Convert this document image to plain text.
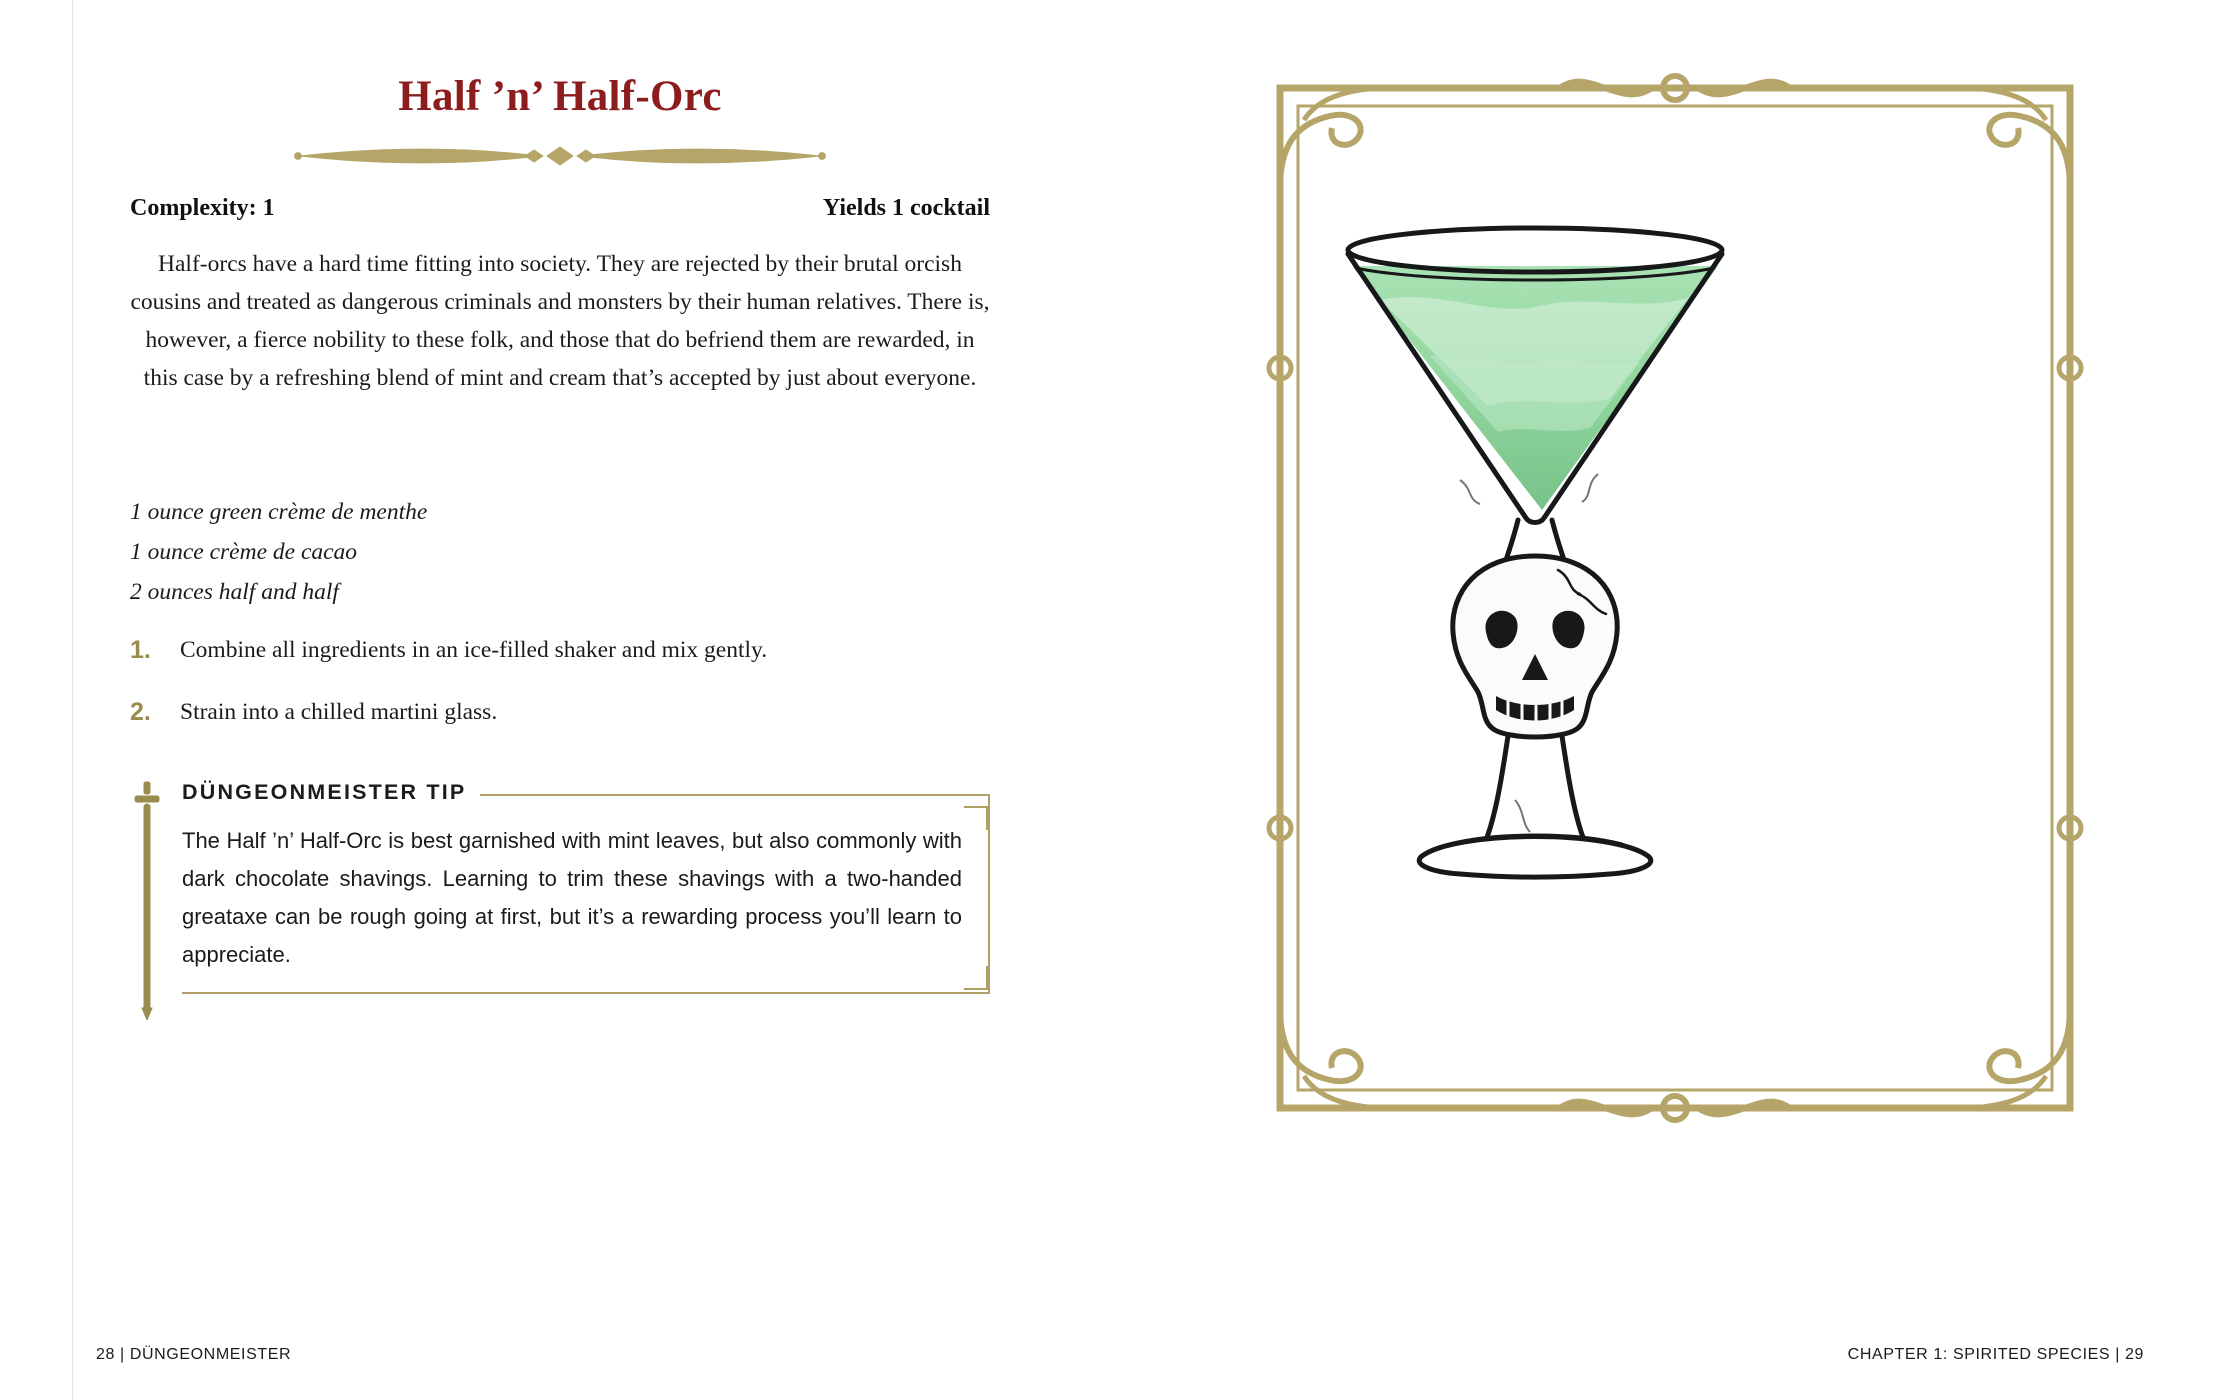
Half ’n’ Half-Orc
Complexity: 1	Yields 1 cocktail
Half-orcs have a hard time fitting into society. They are rejected by their brutal orcish cousins and treated as dangerous criminals and monsters by their human relatives. There is, however, a fierce nobility to these folk, and those that do befriend them are rewarded, in this case by a refreshing blend of mint and cream that’s accepted by just about everyone.
1 ounce green crème de menthe
1 ounce crème de cacao
2 ounces half and half
1.	Combine all ingredients in an ice-filled shaker and mix gently.
2.	Strain into a chilled martini glass.
DÜNGEONMEISTER TIP
The Half ’n’ Half-Orc is best garnished with mint leaves, but also commonly with dark chocolate shavings. Learning to trim these shavings with a two-handed greataxe can be rough going at first, but it’s a rewarding process you’ll learn to appreciate.
28 | DÜNGEONMEISTER	CHAPTER 1: SPIRITED SPECIES | 29
